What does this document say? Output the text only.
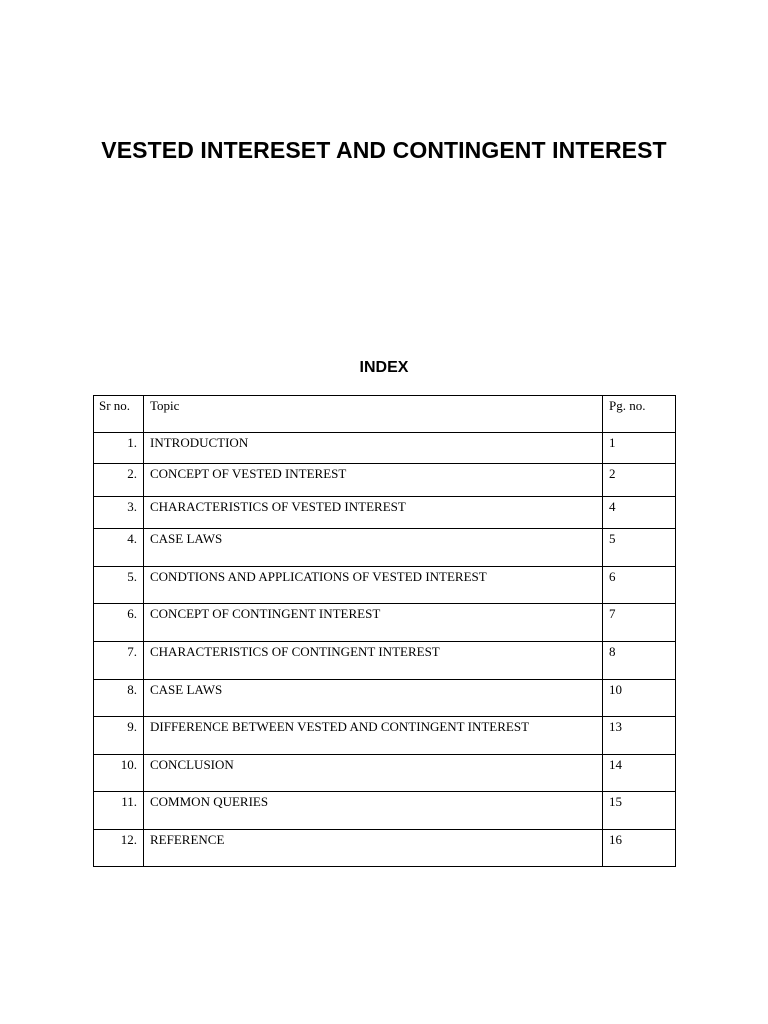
VESTED INTERESET AND CONTINGENT INTEREST
INDEX
Sr no.	Topic	Pg. no.
1.	INTRODUCTION	1
2.	CONCEPT OF VESTED INTEREST	2
3.	CHARACTERISTICS OF VESTED INTEREST	4
4.	CASE LAWS	5
5.	CONDTIONS AND APPLICATIONS OF VESTED INTEREST	6
6.	CONCEPT OF CONTINGENT INTEREST	7
7.	CHARACTERISTICS OF CONTINGENT INTEREST	8
8.	CASE LAWS	10
9.	DIFFERENCE BETWEEN VESTED AND CONTINGENT INTEREST	13
10.	CONCLUSION	14
11.	COMMON QUERIES	15
12.	REFERENCE	16
